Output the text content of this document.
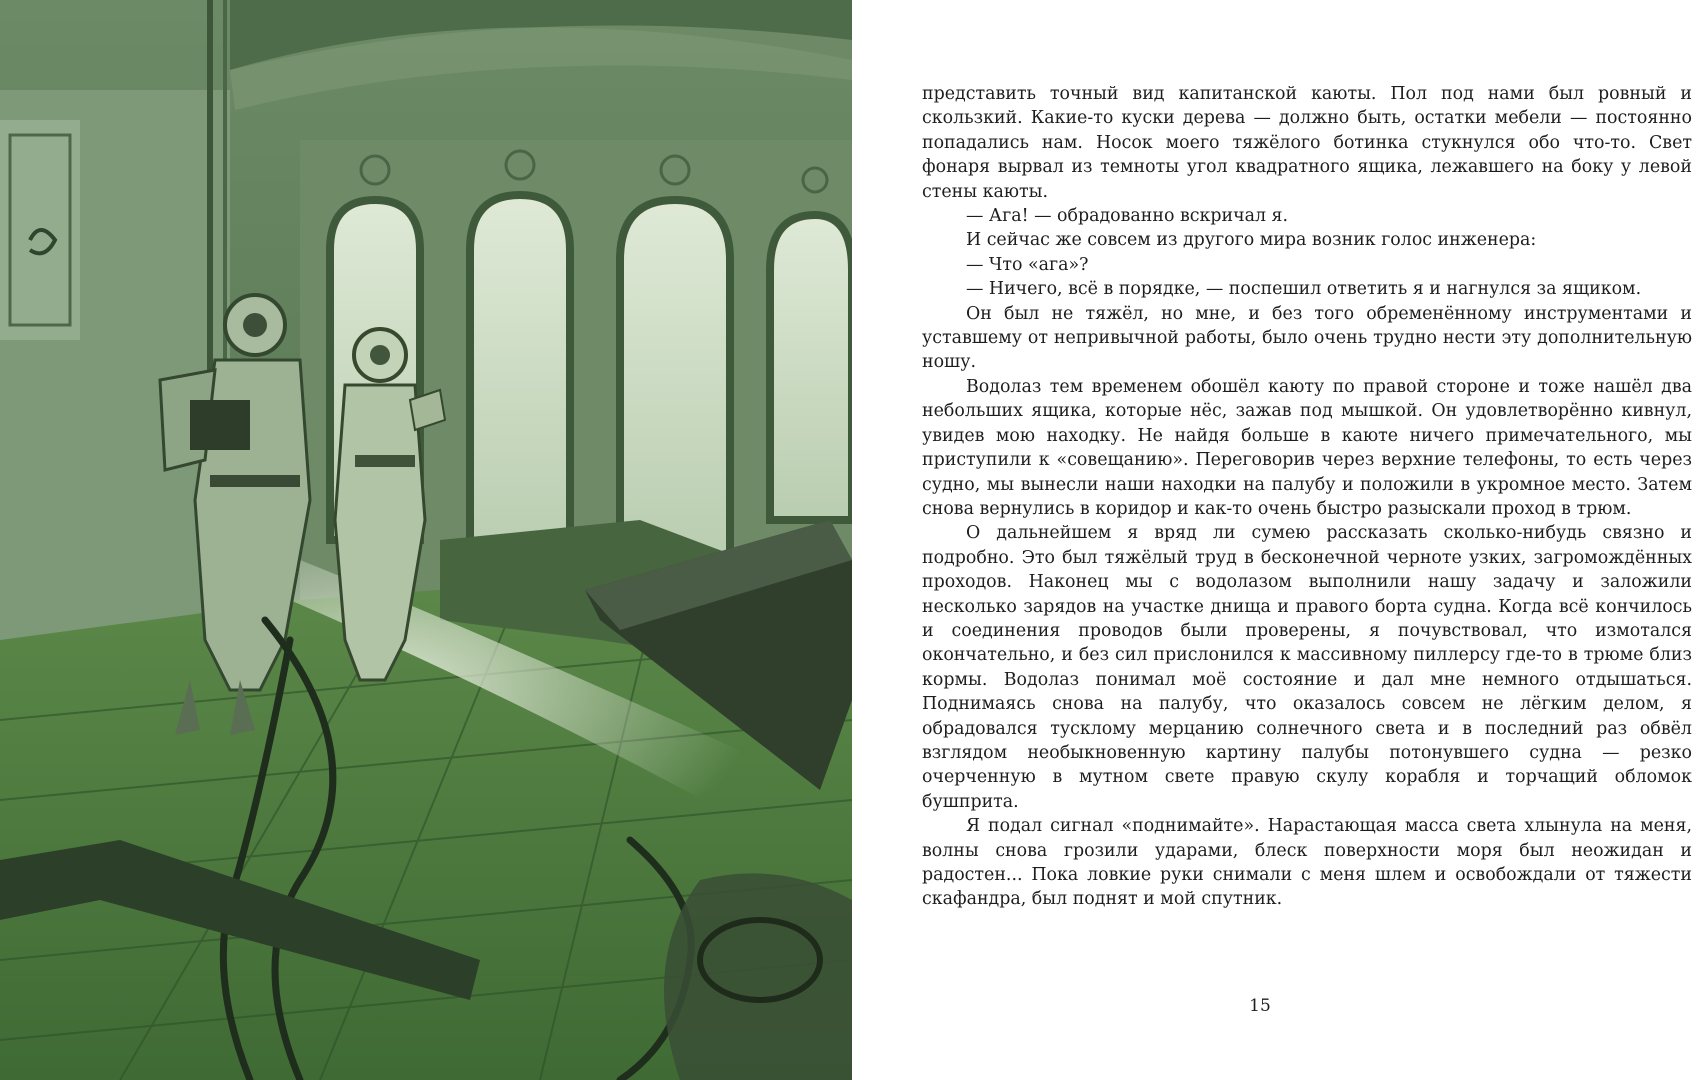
представить точный вид капитанской каюты. Пол под нами был ровный и скользкий. Какие-то куски дерева — должно быть, остатки мебели — постоянно попадались нам. Носок моего тяжёлого ботинка стукнулся обо что-то. Свет фонаря вырвал из темноты угол квадратного ящика, лежавшего на боку у левой стены каюты.

— Ага! — обрадованно вскричал я.

И сейчас же совсем из другого мира возник голос инженера:

— Что «ага»?

— Ничего, всё в порядке, — поспешил ответить я и нагнулся за ящиком.

Он был не тяжёл, но мне, и без того обременённому инструментами и уставшему от непривычной работы, было очень трудно нести эту дополнительную ношу.

Водолаз тем временем обошёл каюту по правой стороне и тоже нашёл два небольших ящика, которые нёс, зажав под мышкой. Он удовлетворённо кивнул, увидев мою находку. Не найдя больше в каюте ничего примечательного, мы приступили к «совещанию». Переговорив через верхние телефоны, то есть через судно, мы вынесли наши находки на палубу и положили в укромное место. Затем снова вернулись в коридор и как-то очень быстро разыскали проход в трюм.

О дальнейшем я вряд ли сумею рассказать сколько-нибудь связно и подробно. Это был тяжёлый труд в бесконечной черноте узких, загромождённых проходов. Наконец мы с водолазом выполнили нашу задачу и заложили несколько зарядов на участке днища и правого борта судна. Когда всё кончилось и соединения проводов были проверены, я почувствовал, что измотался окончательно, и без сил прислонился к массивному пиллерсу где-то в трюме близ кормы. Водолаз понимал моё состояние и дал мне немного отдышаться. Поднимаясь снова на палубу, что оказалось совсем не лёгким делом, я обрадовался тусклому мерцанию солнечного света и в последний раз обвёл взглядом необыкновенную картину палубы потонувшего судна — резко очерченную в мутном свете правую скулу корабля и торчащий обломок бушприта.

Я подал сигнал «поднимайте». Нарастающая масса света хлынула на меня, волны снова грозили ударами, блеск поверхности моря был неожидан и радостен... Пока ловкие руки снимали с меня шлем и освобождали от тяжести скафандра, был поднят и мой спутник.

15
